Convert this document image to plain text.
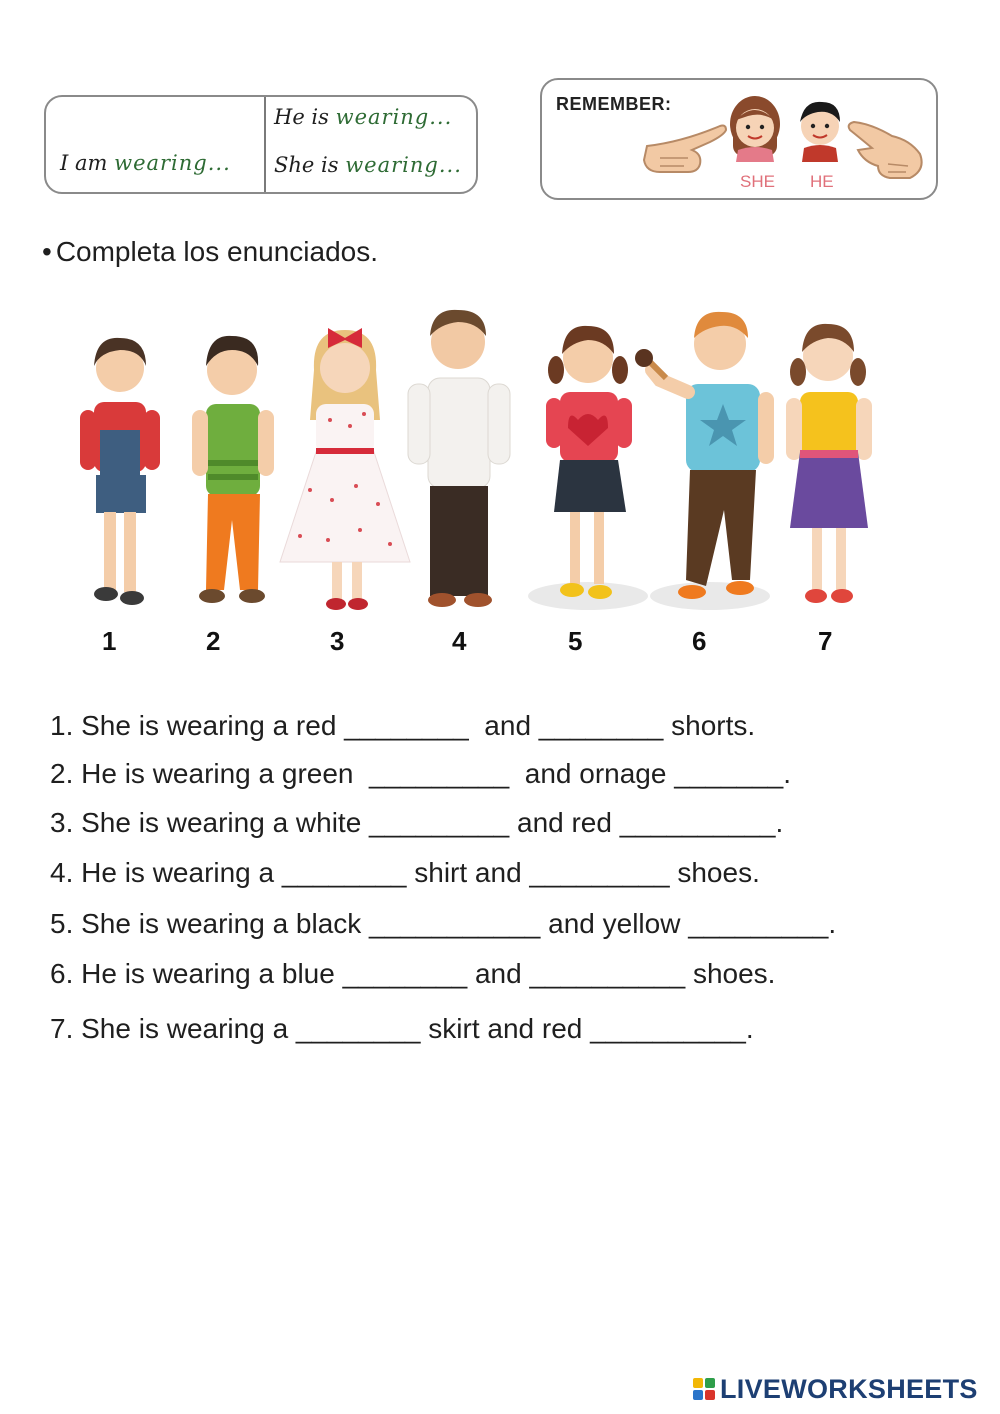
I am wearing...
He is wearing...
She is wearing...
REMEMBER:
SHE HE
• Completa los enunciados.
1	2	3	4	5	6	7
1. She is wearing a red ________  and ________ shorts.
2. He is wearing a green  _________  and ornage _______.
3. She is wearing a white _________ and red __________.
4. He is wearing a ________ shirt and _________ shoes.
5. She is wearing a black ___________ and yellow _________.
6. He is wearing a blue ________ and __________ shoes.
7. She is wearing a ________ skirt and red __________.
LIVEWORKSHEETS
